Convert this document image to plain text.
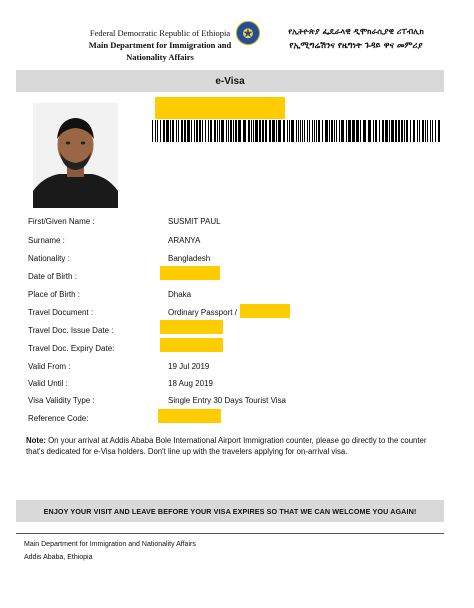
Federal Democratic Republic of Ethiopia
Main Department for Immigration and
Nationality Affairs
✪	የኢትዮጵያ ፌዴራላዊ ዲሞክራሲያዊ ሪፐብሊክ
የኢሚግሬሽንና የዜግነት ጉዳይ ዋና መምሪያ
e-Visa
First/Given Name :
Surname :
Nationality :
Date of Birth :
Place of Birth :
Travel Document :
Travel Doc. Issue Date :
Travel Doc. Expiry Date:
Valid From :
Valid Until :
Visa Validity Type :
Reference Code:
SUSMIT PAUL
ARANYA
Bangladesh
Dhaka
Ordinary Passport /
19 Jul 2019
18 Aug 2019
Single Entry 30 Days Tourist Visa
Note: On your arrival at Addis Ababa Bole International Airport Immigration counter, please go directly to the counter that's dedicated for e-Visa holders. Don't line up with the travelers applying for on-arrival visa.
ENJOY YOUR VISIT AND LEAVE BEFORE YOUR VISA EXPIRES SO THAT WE CAN WELCOME YOU AGAIN!
Main Department for Immigration and Nationality Affairs
Addis Ababa, Ethiopia
